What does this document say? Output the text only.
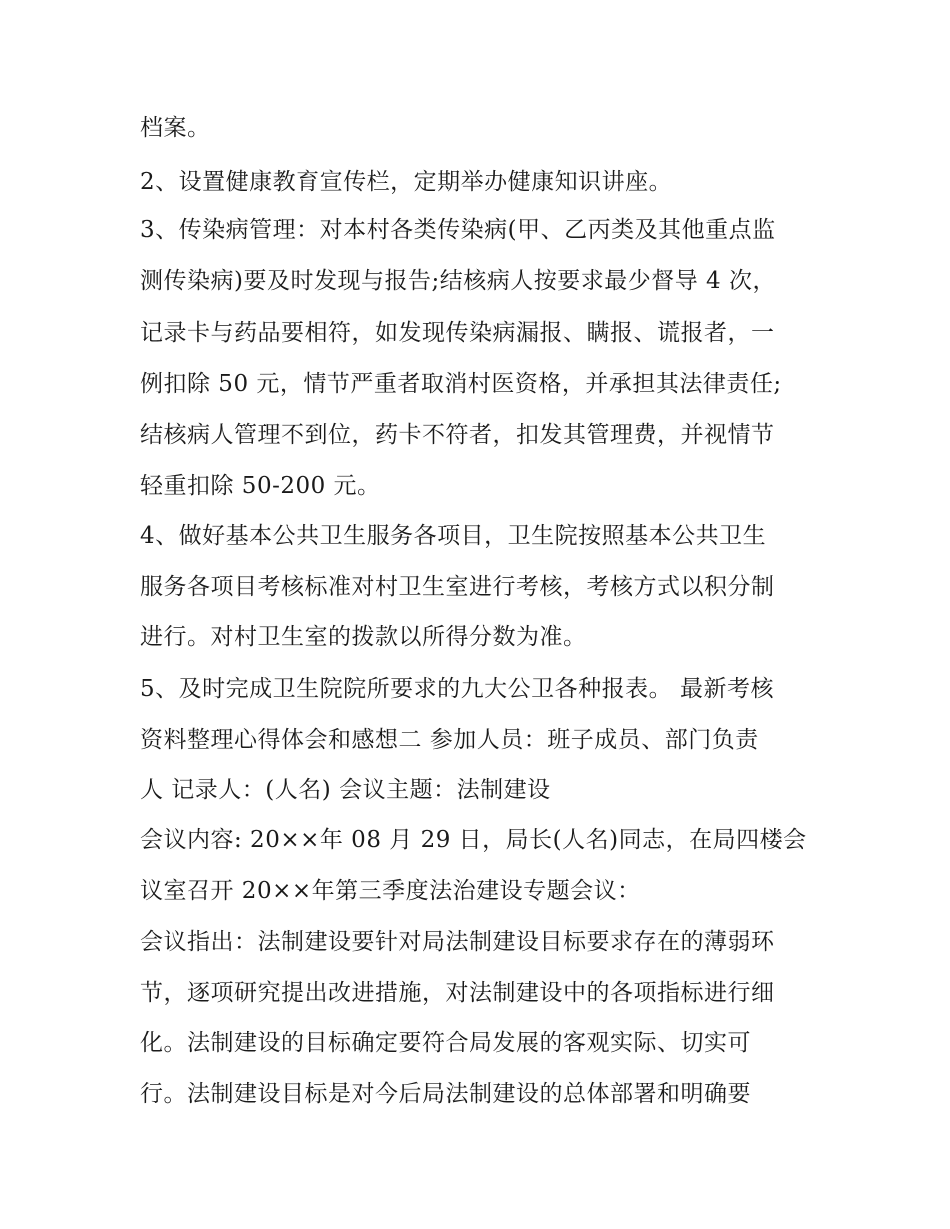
档案。
2、设置健康教育宣传栏，定期举办健康知识讲座。
3、传染病管理：对本村各类传染病(甲、乙丙类及其他重点监
测传染病)要及时发现与报告;结核病人按要求最少督导 4 次，
记录卡与药品要相符，如发现传染病漏报、瞒报、谎报者，一
例扣除 50 元，情节严重者取消村医资格，并承担其法律责任;
结核病人管理不到位，药卡不符者，扣发其管理费，并视情节
轻重扣除 50-200 元。
4、做好基本公共卫生服务各项目，卫生院按照基本公共卫生
服务各项目考核标准对村卫生室进行考核，考核方式以积分制
进行。对村卫生室的拨款以所得分数为准。
5、及时完成卫生院院所要求的九大公卫各种报表。 最新考核
资料整理心得体会和感想二 参加人员：班子成员、部门负责
人 记录人：(人名) 会议主题：法制建设
会议内容: 20××年 08 月 29 日，局长(人名)同志，在局四楼会
议室召开 20××年第三季度法治建设专题会议：
会议指出：法制建设要针对局法制建设目标要求存在的薄弱环
节，逐项研究提出改进措施，对法制建设中的各项指标进行细
化。法制建设的目标确定要符合局发展的客观实际、切实可
行。法制建设目标是对今后局法制建设的总体部署和明确要
